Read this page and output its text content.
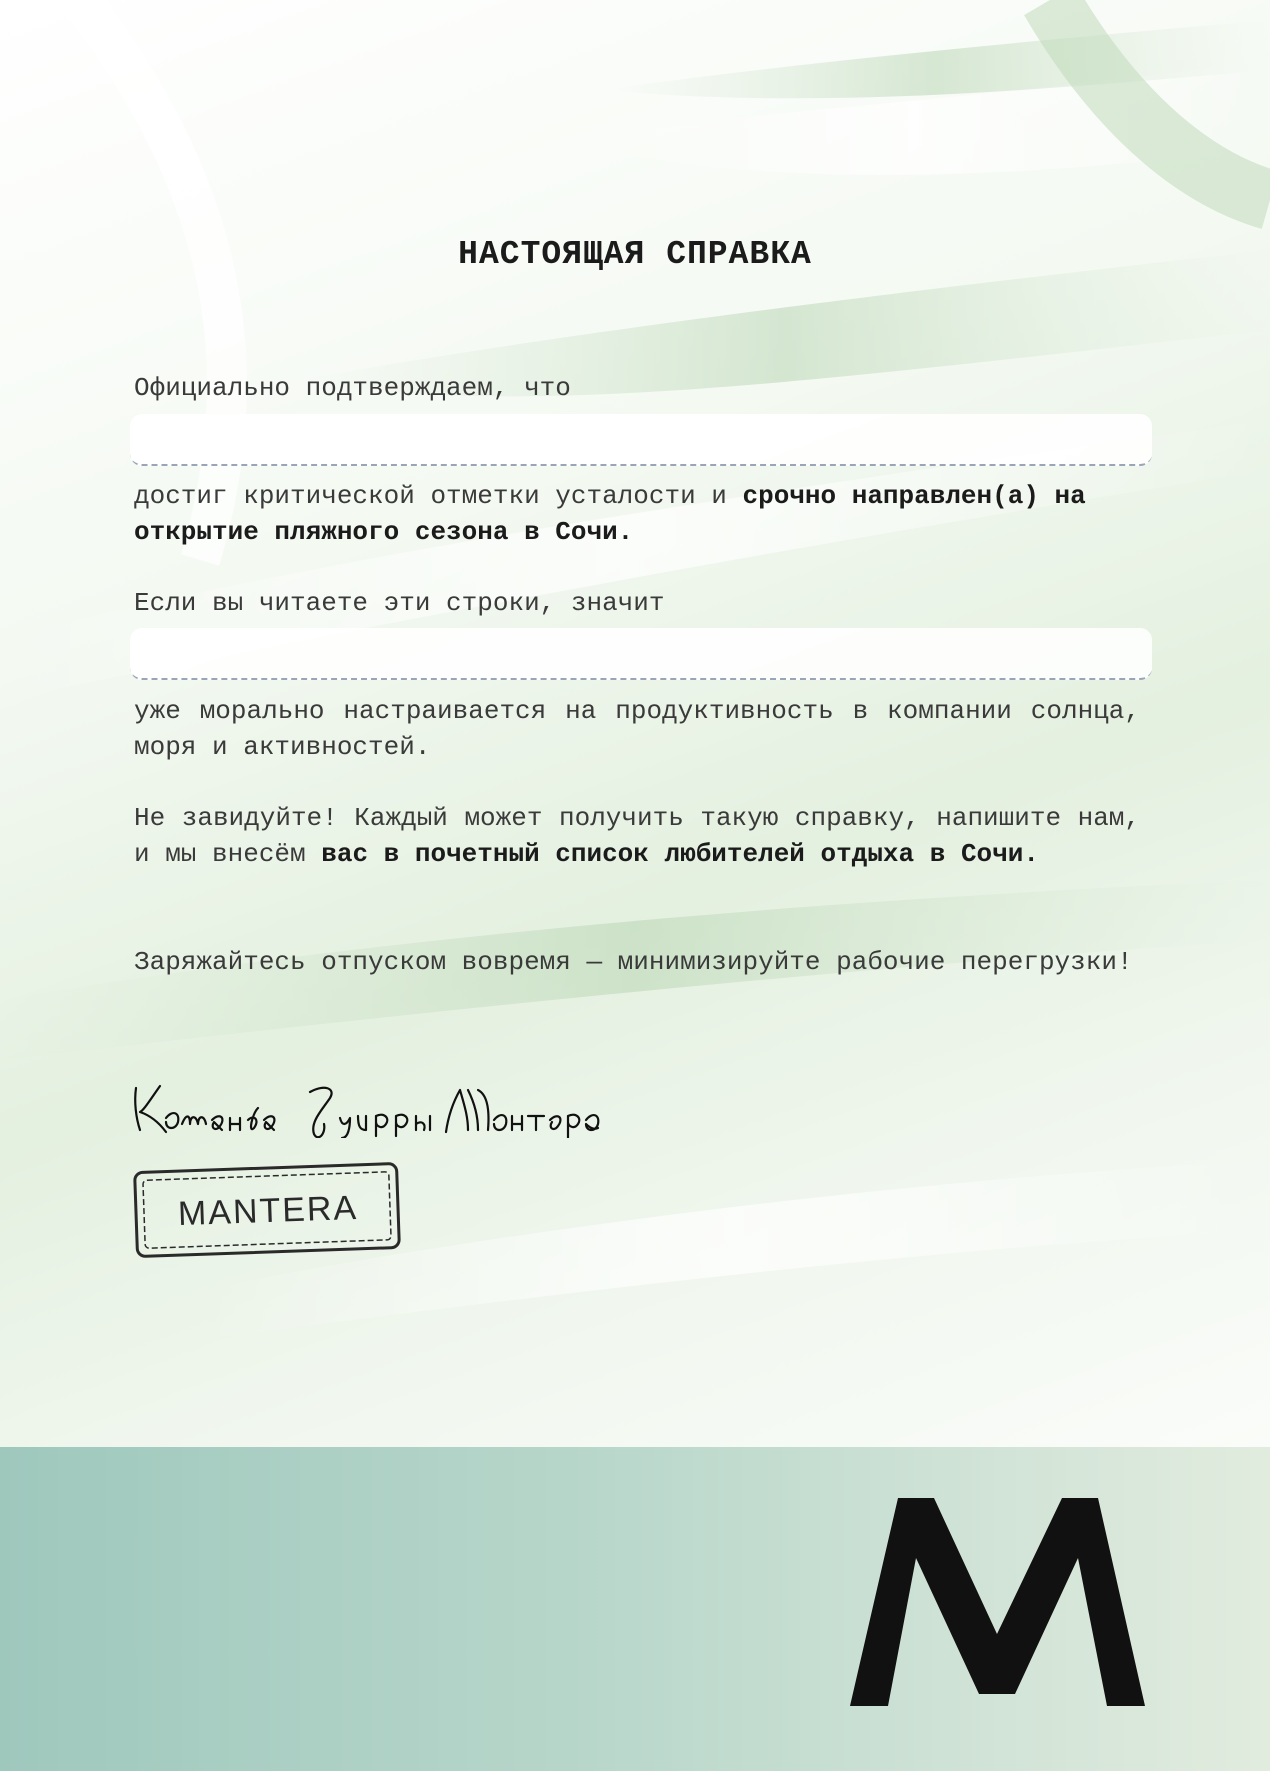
НАСТОЯЩАЯ СПРАВКА

Официально подтверждаем, что

достиг критической отметки усталости и срочно направлен(а) на открытие пляжного сезона в Сочи.

Если вы читаете эти строки, значит

уже морально настраивается на продуктивность в компании солнца, моря и активностей.

Не завидуйте! Каждый может получить такую справку, напишите нам, и мы внесём вас в почетный список любителей отдыха в Сочи.

Заряжайтесь отпуском вовремя — минимизируйте рабочие перегрузки!

MANTERA
